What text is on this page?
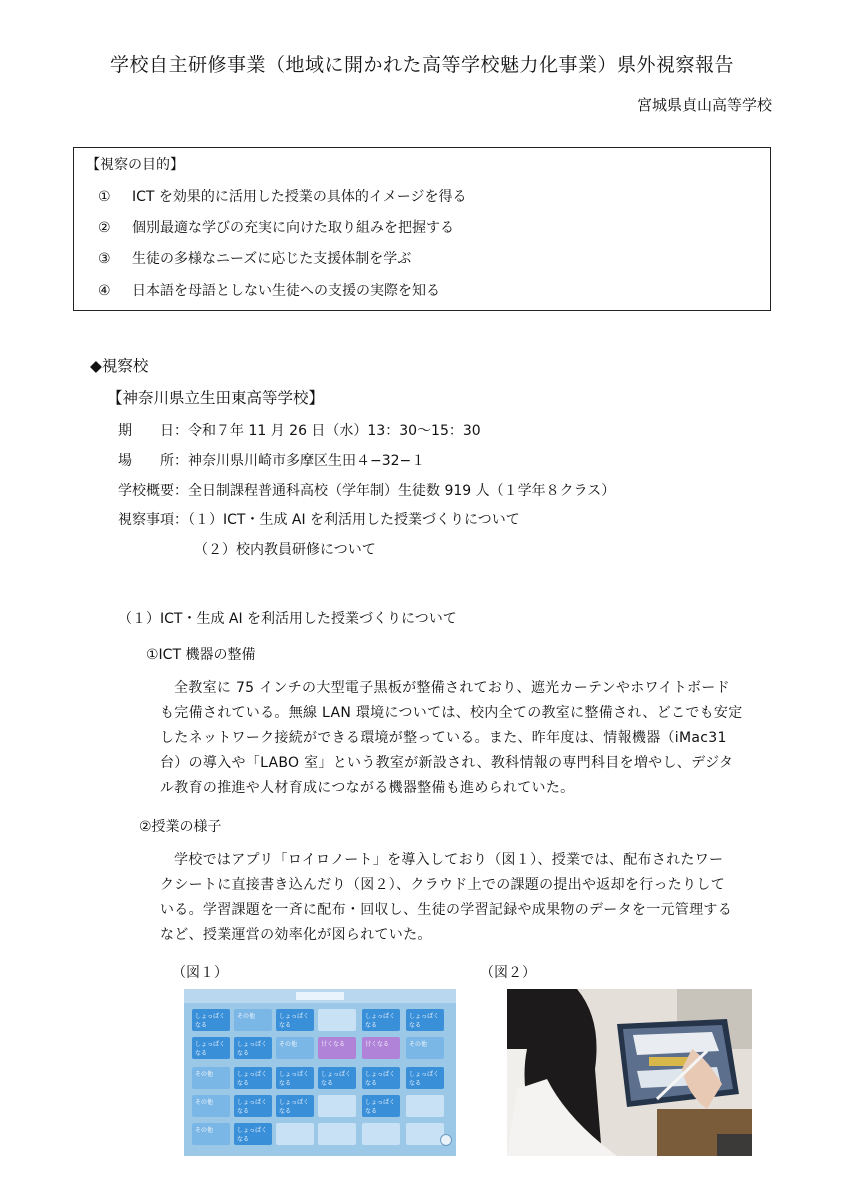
学校自主研修事業（地域に開かれた高等学校魅力化事業）県外視察報告
宮城県貞山高等学校
【視察の目的】
① ICT を効果的に活用した授業の具体的イメージを得る
② 個別最適な学びの充実に向けた取り組みを把握する
③ 生徒の多様なニーズに応じた支援体制を学ぶ
④ 日本語を母語としない生徒への支援の実際を知る
◆視察校
【神奈川県立生田東高等学校】
期　　日：令和７年 11 月 26 日（水）13：30〜15：30
場　　所：神奈川県川崎市多摩区生田４−32−１
学校概要：全日制課程普通科高校（学年制）生徒数 919 人（１学年８クラス）
視察事項：（１）ICT・生成 AI を利活用した授業づくりについて
（２）校内教員研修について
（１）ICT・生成 AI を利活用した授業づくりについて
①ICT 機器の整備
全教室に 75 インチの大型電子黒板が整備されており、遮光カーテンやホワイトボード
も完備されている。無線 LAN 環境については、校内全ての教室に整備され、どこでも安定
したネットワーク接続ができる環境が整っている。また、昨年度は、情報機器（iMac31
台）の導入や「LABO 室」という教室が新設され、教科情報の専門科目を増やし、デジタ
ル教育の推進や人材育成につながる機器整備も進められていた。
②授業の様子
学校ではアプリ「ロイロノート」を導入しており（図１）、授業では、配布されたワー
クシートに直接書き込んだり（図２）、クラウド上での課題の提出や返却を行ったりして
いる。学習課題を一斉に配布・回収し、生徒の学習記録や成果物のデータを一元管理する
など、授業運営の効率化が図られていた。
（図１）	（図２）
しょっぱくなる
その他	しょっぱくなる
しょっぱくなる
しょっぱくなる
しょっぱくなる
しょっぱくなる
その他	甘くなる	甘くなる	その他
その他	しょっぱくなる
しょっぱくなる
しょっぱくなる
しょっぱくなる
しょっぱくなる
その他	しょっぱくなる
しょっぱくなる
しょっぱくなる
その他	しょっぱくなる
